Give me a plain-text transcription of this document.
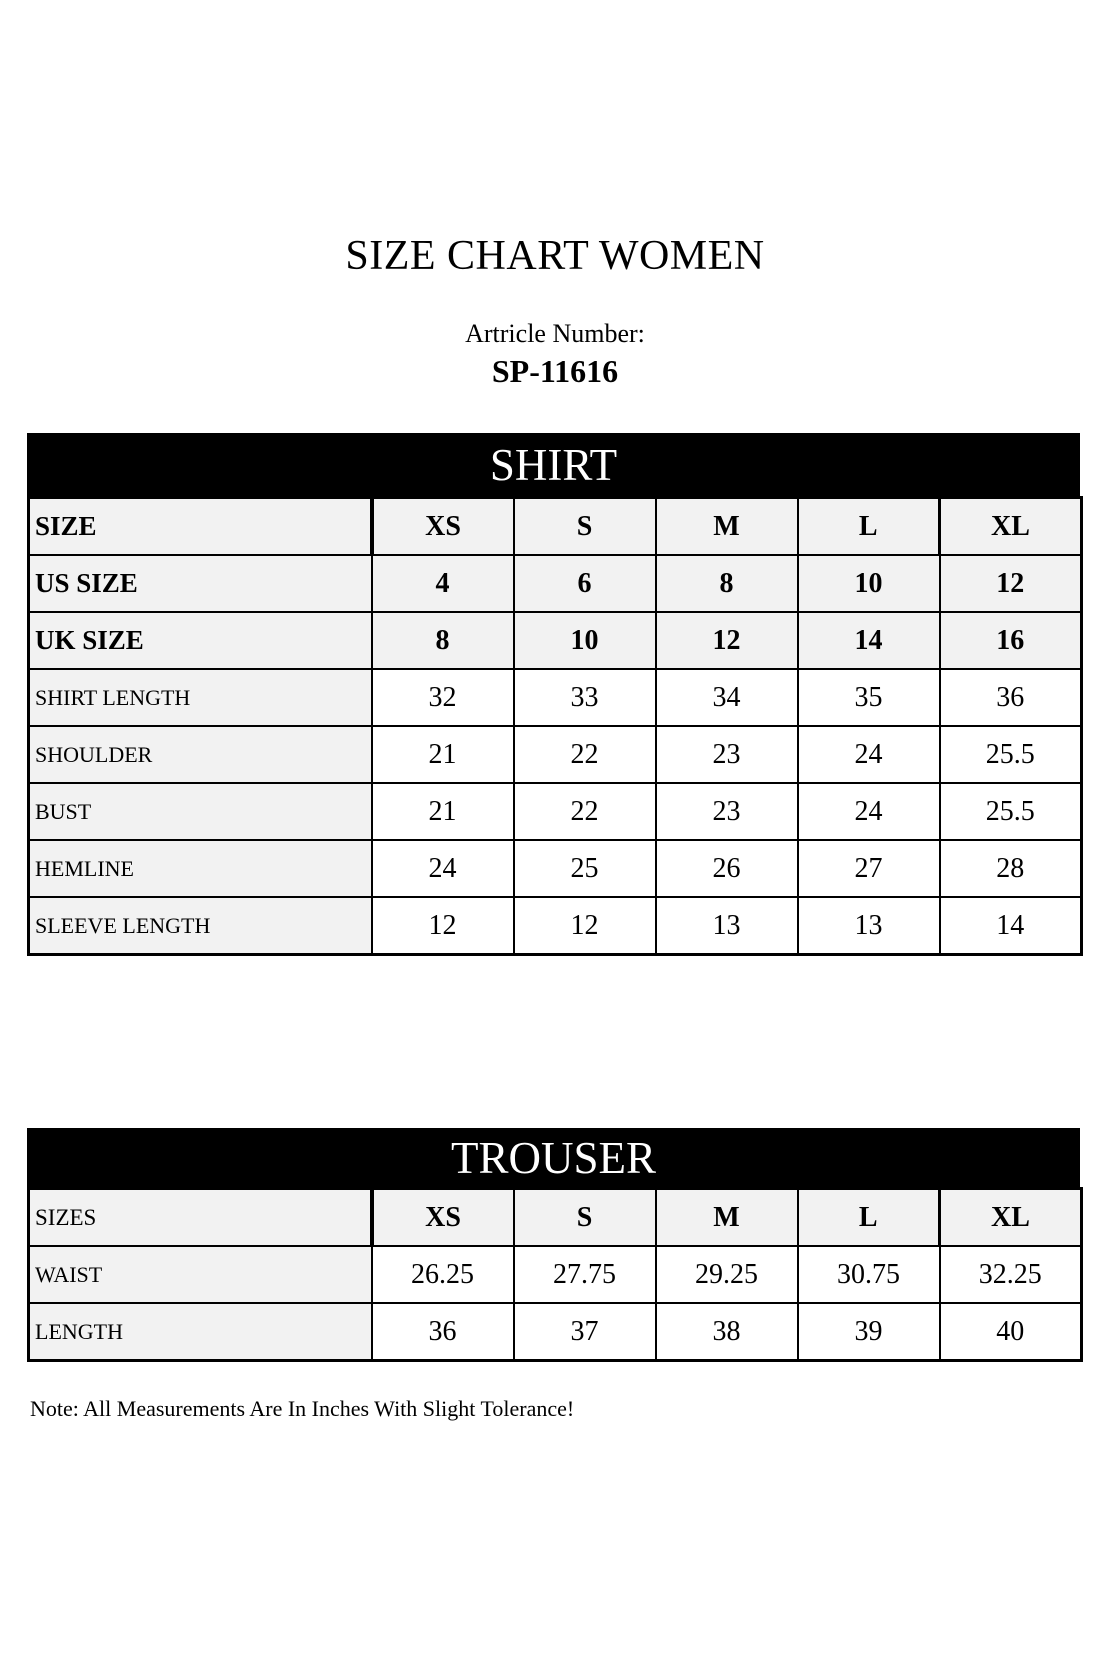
SIZE CHART WOMEN
Artricle Number:
SP-11616
SHIRT
SIZE	XS	S	M	L	XL
US SIZE	4	6	8	10	12
UK SIZE	8	10	12	14	16
SHIRT LENGTH	32	33	34	35	36
SHOULDER	21	22	23	24	25.5
BUST	21	22	23	24	25.5
HEMLINE	24	25	26	27	28
SLEEVE LENGTH	12	12	13	13	14
TROUSER
SIZES	XS	S	M	L	XL
WAIST	26.25	27.75	29.25	30.75	32.25
LENGTH	36	37	38	39	40
Note: All Measurements Are In Inches With Slight Tolerance!
